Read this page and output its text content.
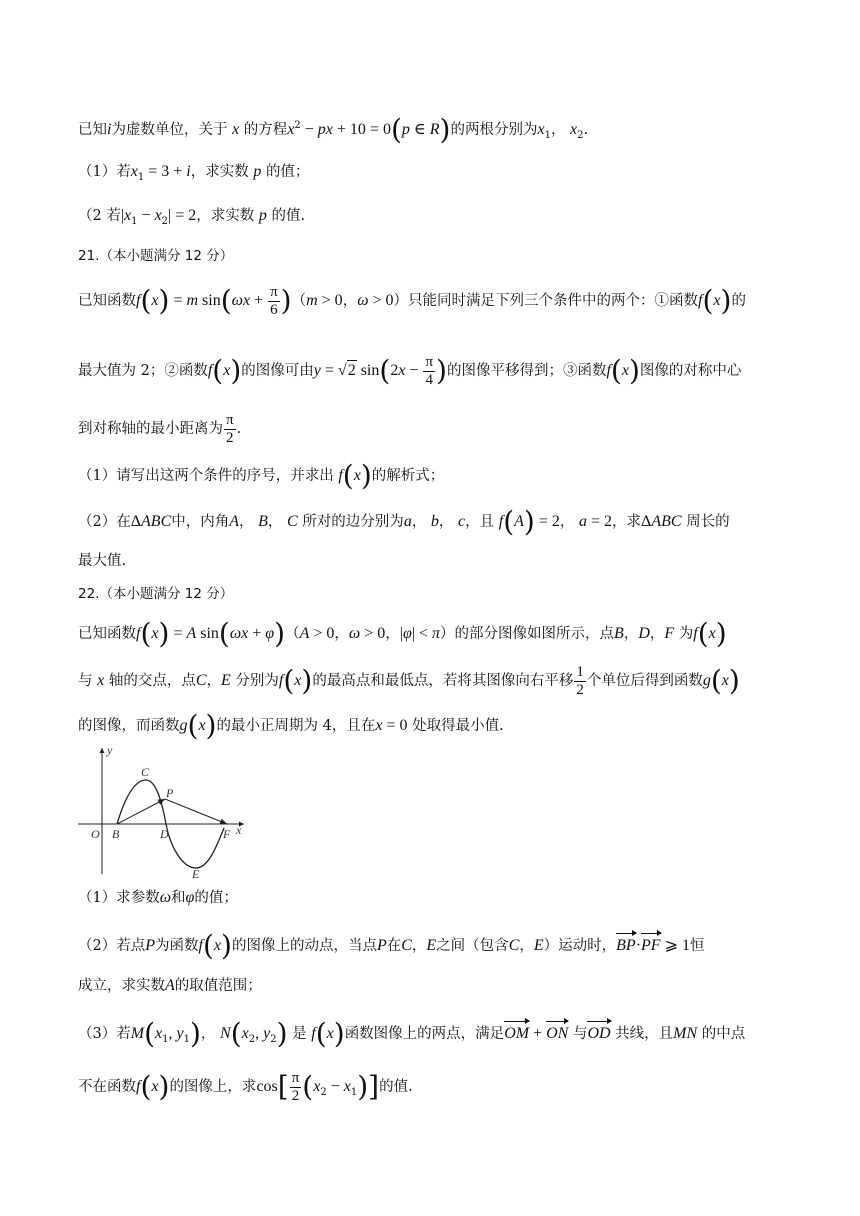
已知i为虚数单位，关于 x 的方程$x^2$ − px + 10 = 0(p ∈ R)的两根分别为$x_1$， $x_2$.
（1）若$x_1 = 3 + i$，求实数 p 的值；
（2 若$|x_1 - x_2| = 2$，求实数 p 的值.
21.（本小题满分 12 分）
已知函数f(x) = m $\sin(\omega x + \frac{\pi}{6} )(m > 0$，ω > 0）只能同时满足下列三个条件中的两个：①函数f(x)的
最大值为 2；②函数f(x)的图像可由y = √2 $\sin(2x - \frac{\pi}{4}$ )的图像平移得到；③函数f(x)图像的对称中心
到对称轴的最小距离为 $\frac{\pi}{2}$ .
（1）请写出这两个条件的序号，并求出 f(x)的解析式；
（2）在ΔABC中，内角A， B， C 所对的边分别为a， b， c，且 f(A) = 2， a = 2，求ΔABC 周长的
最大值.
22.（本小题满分 12 分）
已知函数f(x) = A sin(ωx + φ)（A > 0，ω > 0，|φ| < π）的部分图像如图所示，点B，D，F 为f(x)
与 x 轴的交点，点C，E 分别为f(x)的最高点和最低点，若将其图像向右平移 $\frac{1}{2}$ 个单位后得到函数g(x)
的图像，而函数g(x)的最小正周期为 4，且在x = 0 处取得最小值.
y
x
O B
C
P
D
E
F
（1）求参数ω和φ的值；
（2）若点P为函数f(x)的图像上的动点，当点P在C，E之间（包含C，E）运动时，BP·PF ⩾ 1恒
成立，求实数A的取值范围；
（3）若$M(x_1$, $y_1$)， $N(x_2$, $y_2$) 是 f(x)函数图像上的两点，满足OM + ON 与OD 共线，且MN 的中点
不在函数f(x)的图像上，求$\cos[ \frac{\pi}{2} (x_2 - x_1)]$的值.
